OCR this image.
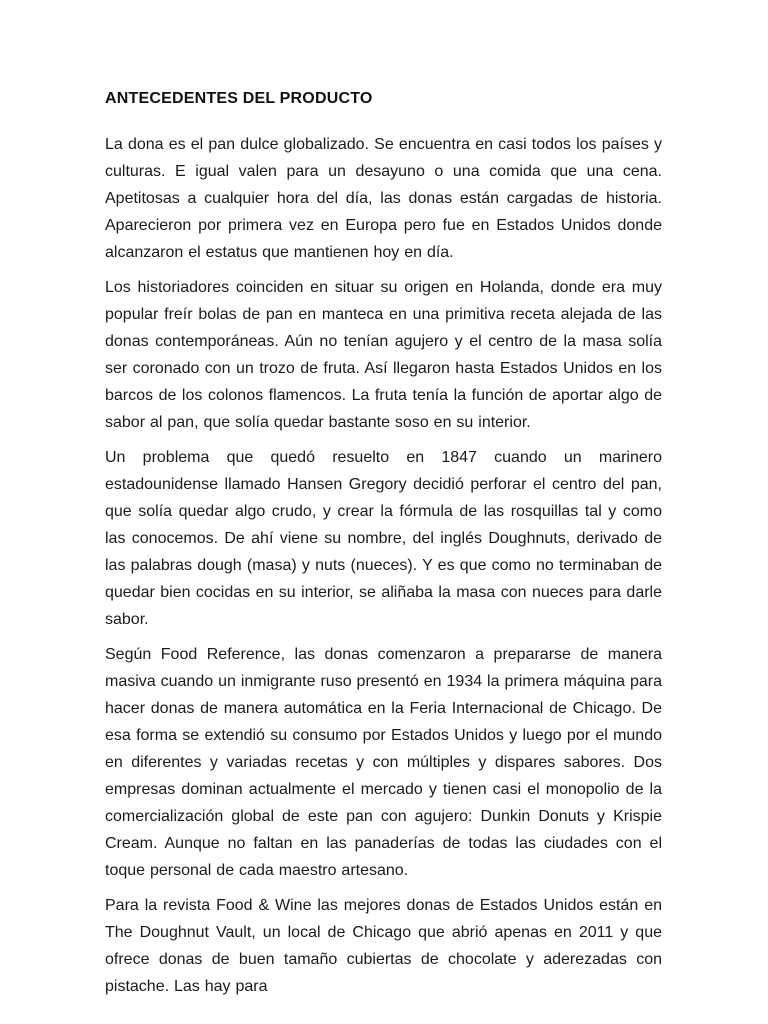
ANTECEDENTES DEL PRODUCTO

La dona es el pan dulce globalizado. Se encuentra en casi todos los países y culturas. E igual valen para un desayuno o una comida que una cena. Apetitosas a cualquier hora del día, las donas están cargadas de historia. Aparecieron por primera vez en Europa pero fue en Estados Unidos donde alcanzaron el estatus que mantienen hoy en día.

Los historiadores coinciden en situar su origen en Holanda, donde era muy popular freír bolas de pan en manteca en una primitiva receta alejada de las donas contemporáneas. Aún no tenían agujero y el centro de la masa solía ser coronado con un trozo de fruta. Así llegaron hasta Estados Unidos en los barcos de los colonos flamencos. La fruta tenía la función de aportar algo de sabor al pan, que solía quedar bastante soso en su interior.

Un problema que quedó resuelto en 1847 cuando un marinero estadounidense llamado Hansen Gregory decidió perforar el centro del pan, que solía quedar algo crudo, y crear la fórmula de las rosquillas tal y como las conocemos. De ahí viene su nombre, del inglés Doughnuts, derivado de las palabras dough (masa) y nuts (nueces). Y es que como no terminaban de quedar bien cocidas en su interior, se aliñaba la masa con nueces para darle sabor.

Según Food Reference, las donas comenzaron a prepararse de manera masiva cuando un inmigrante ruso presentó en 1934 la primera máquina para hacer donas de manera automática en la Feria Internacional de Chicago. De esa forma se extendió su consumo por Estados Unidos y luego por el mundo en diferentes y variadas recetas y con múltiples y dispares sabores. Dos empresas dominan actualmente el mercado y tienen casi el monopolio de la comercialización global de este pan con agujero: Dunkin Donuts y Krispie Cream. Aunque no faltan en las panaderías de todas las ciudades con el toque personal de cada maestro artesano.

Para la revista Food & Wine las mejores donas de Estados Unidos están en The Doughnut Vault, un local de Chicago que abrió apenas en 2011 y que ofrece donas de buen tamaño cubiertas de chocolate y aderezadas con pistache. Las hay para
